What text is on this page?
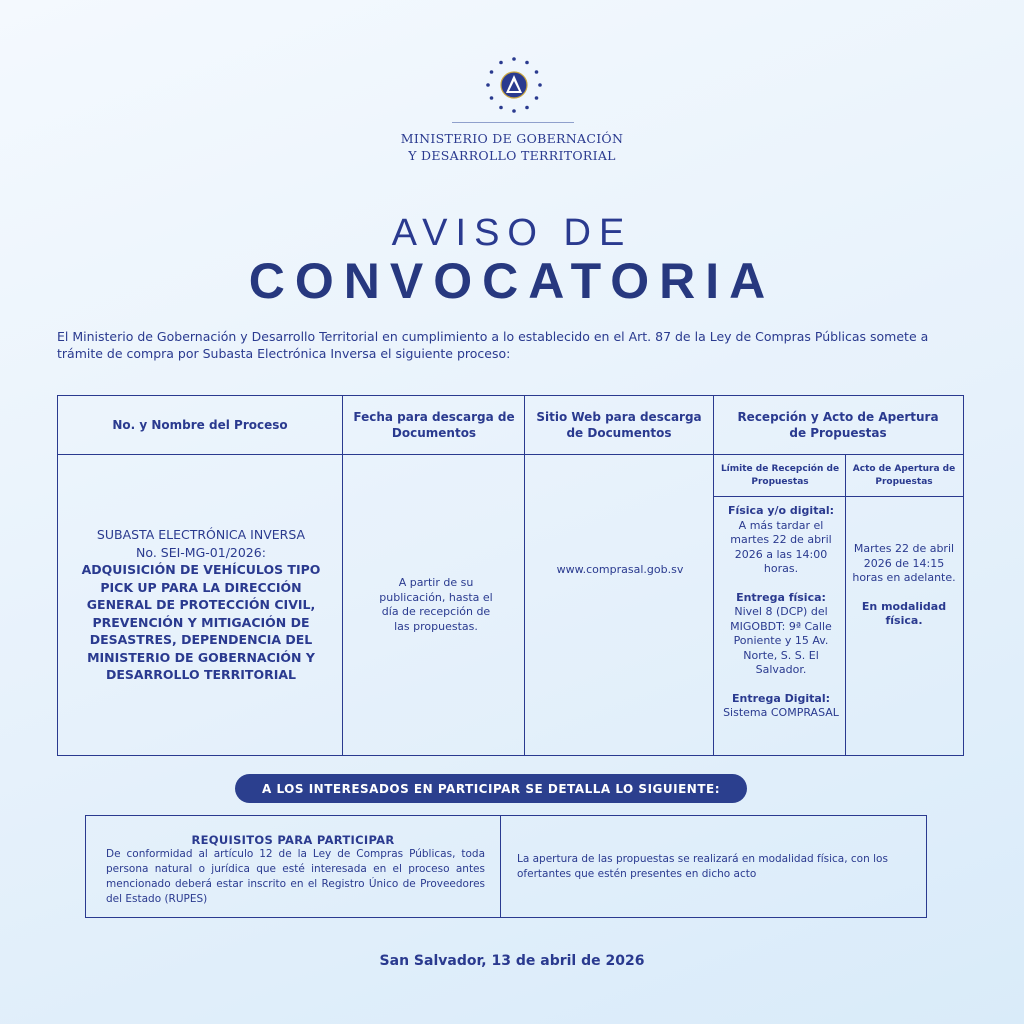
MINISTERIO DE GOBERNACIÓN
Y DESARROLLO TERRITORIAL
AVISO DE
CONVOCATORIA
El Ministerio de Gobernación y Desarrollo Territorial en cumplimiento a lo establecido en el Art. 87 de la Ley de Compras Públicas somete a trámite de compra por Subasta Electrónica Inversa el siguiente proceso:
No. y Nombre del Proceso
Fecha para descarga de Documentos
Sitio Web para descarga de Documentos
Recepción y Acto de Apertura de Propuestas
Límite de Recepción de Propuestas
Acto de Apertura de Propuestas
SUBASTA ELECTRÓNICA INVERSA
No. SEI-MG-01/2026:
ADQUISICIÓN DE VEHÍCULOS TIPO PICK UP PARA LA DIRECCIÓN GENERAL DE PROTECCIÓN CIVIL, PREVENCIÓN Y MITIGACIÓN DE DESASTRES, DEPENDENCIA DEL MINISTERIO DE GOBERNACIÓN Y DESARROLLO TERRITORIAL
A partir de su publicación, hasta el día de recepción de las propuestas.
www.comprasal.gob.sv
Física y/o digital:
A más tardar el martes 22 de abril 2026 a las 14:00 horas.
Entrega física:
Nivel 8 (DCP) del MIGOBDT: 9ª Calle Poniente y 15 Av. Norte, S. S. El Salvador.
Entrega Digital:
Sistema COMPRASAL
Martes 22 de abril 2026 de 14:15 horas en adelante.
En modalidad física.
A LOS INTERESADOS EN PARTICIPAR SE DETALLA LO SIGUIENTE:
REQUISITOS PARA PARTICIPAR
De conformidad al artículo 12 de la Ley de Compras Públicas, toda persona natural o jurídica que esté interesada en el proceso antes mencionado deberá estar inscrito en el Registro Único de Proveedores del Estado (RUPES)
La apertura de las propuestas se realizará en modalidad física, con los ofertantes que estén presentes en dicho acto
San Salvador, 13 de abril de 2026
